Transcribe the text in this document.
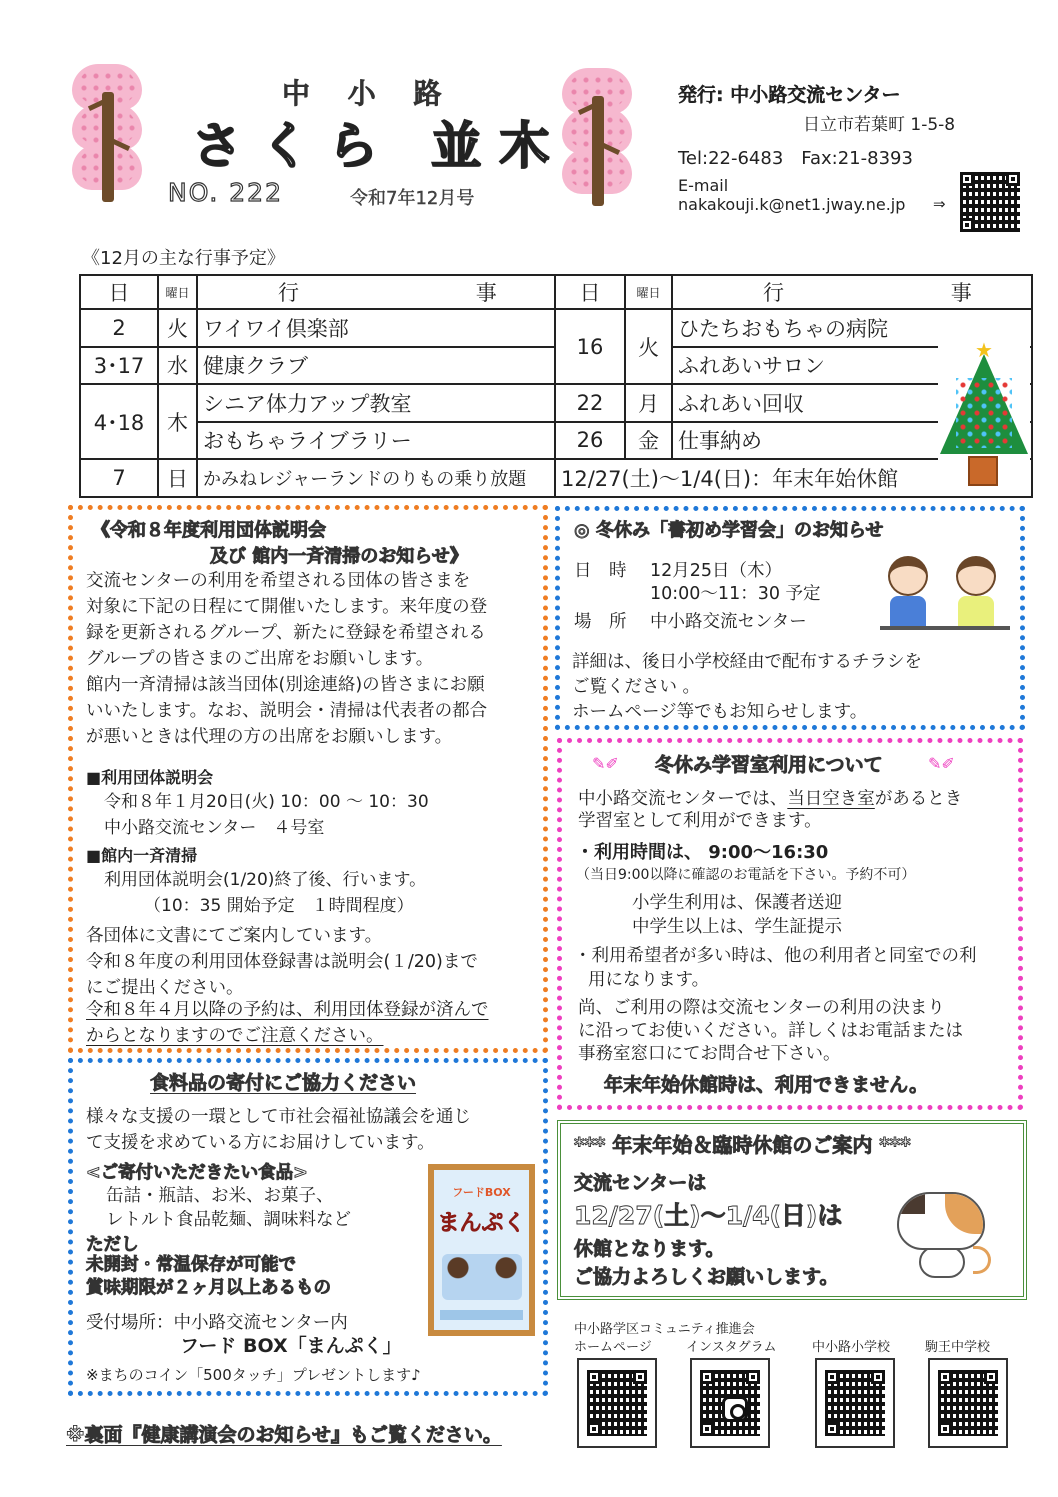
中 小 路
さくら 並木
NO. 222	令和7年12月号
発行: 中小路交流センター
日立市若葉町 1-5-8
Tel:22-6483　Fax:21-8393
E-mail
nakakouji.k@net1.jway.ne.jp ⇒
《12月の主な行事予定》
日	曜日	行 事	日	曜日	行 事
2	火	ワイワイ倶楽部	16	火	ひたちおもちゃの病院
3･17	水	健康クラブ			ふれあいサロン
4･18	木	シニア体力アップ教室	22	月	ふれあい回収
		おもちゃライブラリー	26	金	仕事納め
7	日	かみねレジャーランドのりもの乗り放題	12/27(土)～1/4(日)：年末年始休館		
★
《令和８年度利用団体説明会
及び 館内一斉清掃のお知らせ》
交流センターの利用を希望される団体の皆さまを
対象に下記の日程にて開催いたします。来年度の登
録を更新されるグループ、新たに登録を希望される
グループの皆さまのご出席をお願いします。
館内一斉清掃は該当団体(別途連絡)の皆さまにお願
いいたします。なお、説明会・清掃は代表者の都合
が悪いときは代理の方の出席をお願いします。
■利用団体説明会
令和８年１月20日(火) 10：00 ～ 10：30
中小路交流センター　４号室
■館内一斉清掃
利用団体説明会(1/20)終了後、行います。
（10：35 開始予定　１時間程度）
各団体に文書にてご案内しています。
令和８年度の利用団体登録書は説明会(１/20)まで
にご提出ください。
令和８年４月以降の予約は、利用団体登録が済んで
からとなりますのでご注意ください。
◎ 冬休み「書初め学習会」のお知らせ
日　時 12月25日（木）
10:00～11：30 予定
場　所 中小路交流センター
詳細は、後日小学校経由で配布するチラシを
ご覧ください 。
ホームページ等でもお知らせします。
✎✐ 冬休み学習室利用について	✎✐
中小路交流センターでは、当日空き室があるとき
学習室として利用ができます。
・利用時間は、 9:00～16:30
（当日9:00以降に確認のお電話を下さい。予約不可）
小学生利用は、保護者送迎
中学生以上は、学生証提示
・利用希望者が多い時は、他の利用者と同室での利
用になります。
尚、ご利用の際は交流センターの利用の決まり
に沿ってお使いください。詳しくはお電話または
事務室窓口にてお問合せ下さい。
年末年始休館時は、利用できません。
*** 年末年始＆臨時休館のご案内 ***
交流センターは
12/27(土)～1/4(日)は
休館となります。
ご協力よろしくお願いします。
食料品の寄付にご協力ください
様々な支援の一環として市社会福祉協議会を通じ
て支援を求めている方にお届けしています。
<ご寄付いただきたい食品>
缶詰・瓶詰、お米、お菓子、
レトルト食品乾麺、調味料など
ただし
未開封・常温保存が可能で
賞味期限が２ヶ月以上あるもの
受付場所：中小路交流センター内
フード BOX「まんぷく」
※まちのコイン「500タッチ」プレゼントします♪
フードBOX
まんぷく
※裏面『健康講演会のお知らせ』もご覧ください。
中小路学区コミュニティ推進会
ホームページ	インスタグラム	中小路小学校	駒王中学校
